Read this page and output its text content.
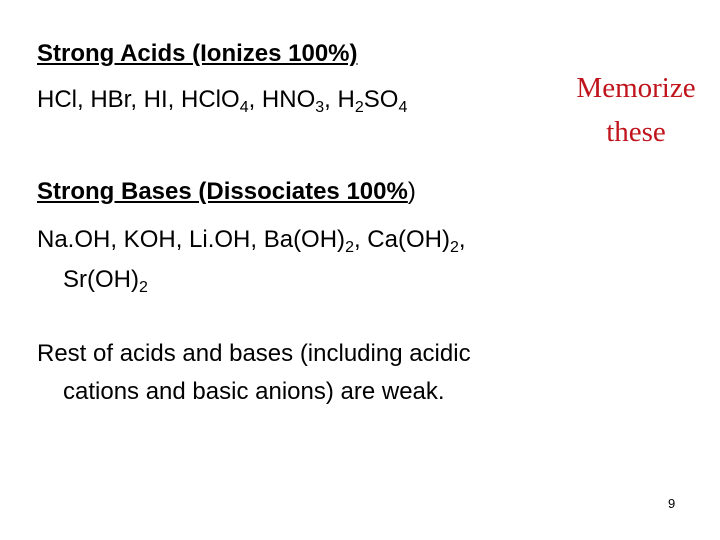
Strong Acids (Ionizes 100%)
HCl, HBr, HI, HClO$_4$, $HNO_3$, $H_2SO_4$
Memorize
these
Strong Bases (Dissociates 100%)
Na.OH, KOH, Li.OH, $Ba(OH)_2$, $Ca(OH)_2$,
$Sr(OH)_2$
Rest of acids and bases (including acidic
cations and basic anions) are weak.
9
